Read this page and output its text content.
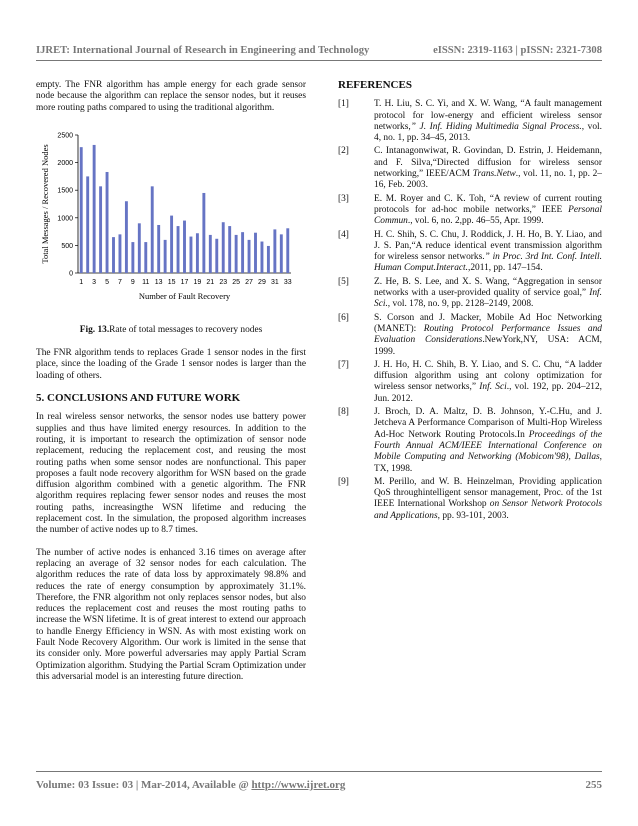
IJRET: International Journal of Research in Engineering and Technology	eISSN: 2319-1163 | pISSN: 2321-7308

empty. The FNR algorithm has ample energy for each grade sensor node because the algorithm can replace the sensor nodes, but it reuses more routing paths compared to using the traditional algorithm.

0
500
1000
1500
2000
2500
1 3 5 7 9 11 13 15 17 19 21 23 25 27 29 31 33
Number of Fault Recovery
Total Messages / Recovered Nodes
Fig. 13.Rate of total messages to recovery nodes

The FNR algorithm tends to replaces Grade 1 sensor nodes in the first place, since the loading of the Grade 1 sensor nodes is larger than the loading of others.

5. CONCLUSIONS AND FUTURE WORK

In real wireless sensor networks, the sensor nodes use battery power supplies and thus have limited energy resources. In addition to the routing, it is important to research the optimization of sensor node replacement, reducing the replacement cost, and reusing the most routing paths when some sensor nodes are nonfunctional. This paper proposes a fault node recovery algorithm for WSN based on the grade diffusion algorithm combined with a genetic algorithm. The FNR algorithm requires replacing fewer sensor nodes and reuses the most routing paths, increasingthe WSN lifetime and reducing the replacement cost. In the simulation, the proposed algorithm increases the number of active nodes up to 8.7 times.

The number of active nodes is enhanced 3.16 times on average after replacing an average of 32 sensor nodes for each calculation. The algorithm reduces the rate of data loss by approximately 98.8% and reduces the rate of energy consumption by approximately 31.1%. Therefore, the FNR algorithm not only replaces sensor nodes, but also reduces the replacement cost and reuses the most routing paths to increase the WSN lifetime. It is of great interest to extend our approach to handle Energy Efficiency in WSN. As with most existing work on Fault Node Recovery Algorithm. Our work is limited in the sense that its consider only. More powerful adversaries may apply Partial Scram Optimization algorithm. Studying the Partial Scram Optimization under this adversarial model is an interesting future direction.

REFERENCES
[1]	T. H. Liu, S. C. Yi, and X. W. Wang, “A fault management protocol for low-energy and efficient wireless sensor networks,” J. Inf. Hiding Multimedia Signal Process., vol. 4, no. 1, pp. 34–45, 2013.
[2]	C. Intanagonwiwat, R. Govindan, D. Estrin, J. Heidemann, and F. Silva,“Directed diffusion for wireless sensor networking,” IEEE/ACM Trans.Netw., vol. 11, no. 1, pp. 2–16, Feb. 2003.
[3]	E. M. Royer and C. K. Toh, “A review of current routing protocols for ad-hoc mobile networks,” IEEE Personal Commun., vol. 6, no. 2,pp. 46–55, Apr. 1999.
[4]	H. C. Shih, S. C. Chu, J. Roddick, J. H. Ho, B. Y. Liao, and J. S. Pan,“A reduce identical event transmission algorithm for wireless sensor networks.” in Proc. 3rd Int. Conf. Intell. Human Comput.Interact.,2011, pp. 147–154.
[5]	Z. He, B. S. Lee, and X. S. Wang, “Aggregation in sensor networks with a user-provided quality of service goal,” Inf. Sci., vol. 178, no. 9, pp. 2128–2149, 2008.
[6]	S. Corson and J. Macker, Mobile Ad Hoc Networking (MANET): Routing Protocol Performance Issues and Evaluation Considerations.NewYork,NY, USA: ACM, 1999.
[7]	J. H. Ho, H. C. Shih, B. Y. Liao, and S. C. Chu, “A ladder diffusion algorithm using ant colony optimization for wireless sensor networks,” Inf. Sci., vol. 192, pp. 204–212, Jun. 2012.
[8]	J. Broch, D. A. Maltz, D. B. Johnson, Y.-C.Hu, and J. Jetcheva A Performance Comparison of Multi-Hop Wireless Ad-Hoc Network Routing Protocols.In Proceedings of the Fourth Annual ACM/IEEE International Conference on Mobile Computing and Networking (Mobicom'98), Dallas, TX, 1998.
[9]	M. Perillo, and W. B. Heinzelman, Providing application QoS throughintelligent sensor management, Proc. of the 1st IEEE International Workshop on Sensor Network Protocols and Applications, pp. 93-101, 2003.
Volume: 03 Issue: 03 | Mar-2014, Available @ http://www.ijret.org	255
